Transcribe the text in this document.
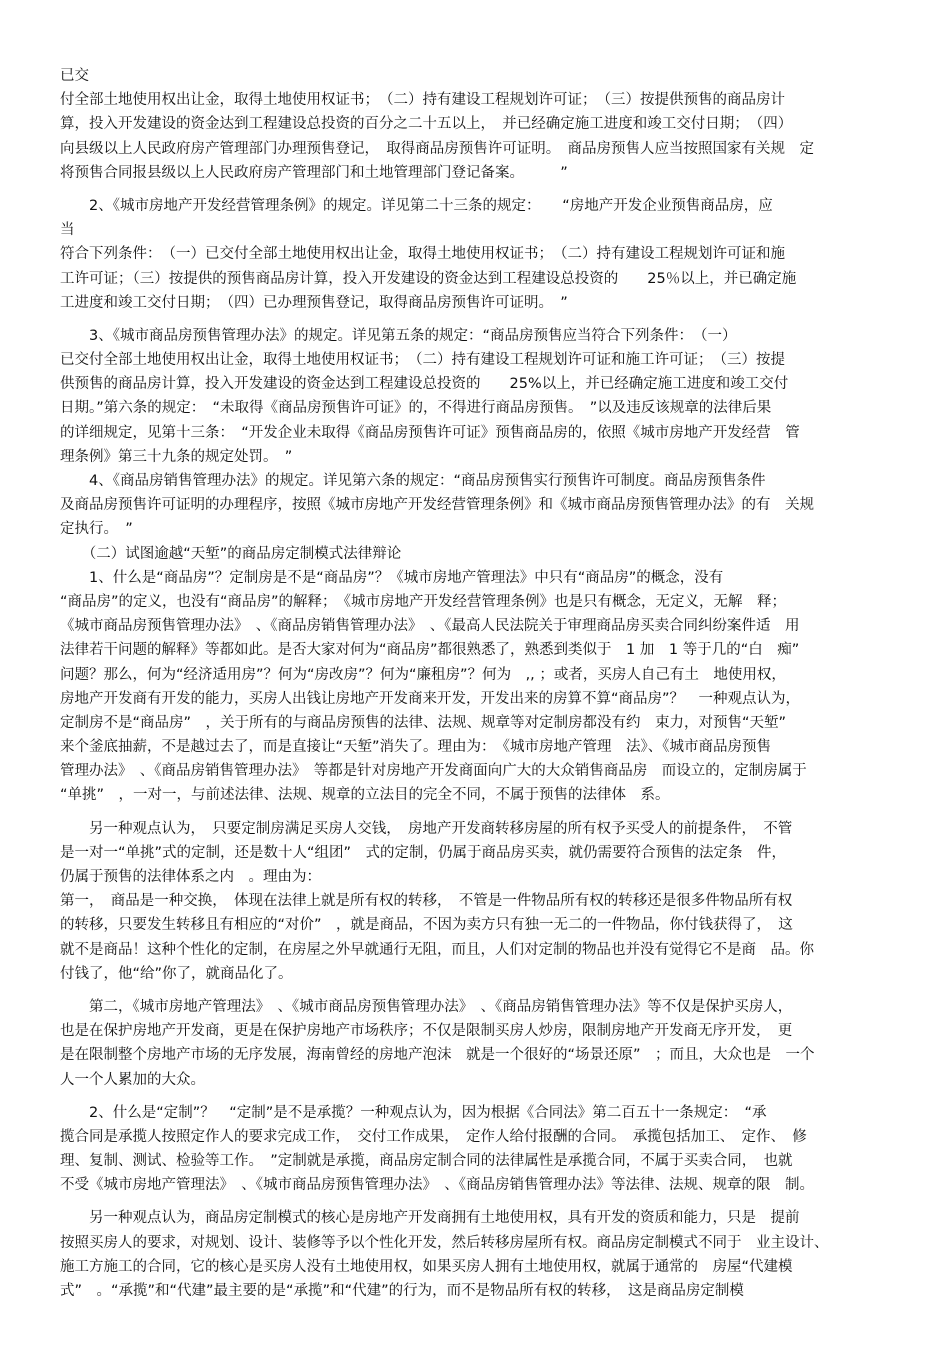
已交
付全部土地使用权出让金，取得土地使用权证书；　（二）持有建设工程规划许可证；　（三）按提供预售的商品房计
算，投入开发建设的资金达到工程建设总投资的百分之二十五以上，　并已经确定施工进度和竣工交付日期；　（四）
向县级以上人民政府房产管理部门办理预售登记，　取得商品房预售许可证明。　商品房预售人应当按照国家有关规　定
将预售合同报县级以上人民政府房产管理部门和土地管理部门登记备案。　　　”
　　2、《城市房地产开发经营管理条例》的规定。详见第二十三条的规定：　　“房地产开发企业预售商品房，应
当
符合下列条件：　（一）已交付全部土地使用权出让金，取得土地使用权证书；　（二）持有建设工程规划许可证和施
工许可证；（三）按提供的预售商品房计算，投入开发建设的资金达到工程建设总投资的　　25％以上，并已确定施
工进度和竣工交付日期；　（四）已办理预售登记，取得商品房预售许可证明。　”
　　3、《城市商品房预售管理办法》的规定。详见第五条的规定：“商品房预售应当符合下列条件：　（一）
已交付全部土地使用权出让金，取得土地使用权证书；　（二）持有建设工程规划许可证和施工许可证；　（三）按提
供预售的商品房计算，投入开发建设的资金达到工程建设总投资的　　25%以上，并已经确定施工进度和竣工交付
日期。”第六条的规定：　“未取得《商品房预售许可证》的，不得进行商品房预售。　”以及违反该规章的法律后果
的详细规定，见第十三条：　“开发企业未取得《商品房预售许可证》预售商品房的，依照《城市房地产开发经营　管
理条例》第三十九条的规定处罚。　”
　　4、《商品房销售管理办法》的规定。详见第六条的规定：“商品房预售实行预售许可制度。商品房预售条件
及商品房预售许可证明的办理程序，按照《城市房地产开发经营管理条例》和《城市商品房预售管理办法》的有　关规
定执行。　”
　　（二）试图逾越“天堑”的商品房定制模式法律辩论
　　1、什么是“商品房”？定制房是不是“商品房”？《城市房地产管理法》中只有“商品房”的概念，没有
“商品房”的定义，也没有“商品房”的解释；　《城市房地产开发经营管理条例》也是只有概念，无定义，无解　释；
《城市商品房预售管理办法》　、《商品房销售管理办法》　、《最高人民法院关于审理商品房买卖合同纠纷案件适　用
法律若干问题的解释》等都如此。是否大家对何为“商品房”都很熟悉了，熟悉到类似于　1 加　1 等于几的“白　痴”
问题？那么，何为“经济适用房”？何为“房改房”？何为“廉租房”？何为　,, ；或者，买房人自己有土　地使用权，
房地产开发商有开发的能力，买房人出钱让房地产开发商来开发，开发出来的房算不算“商品房”？　一种观点认为，
定制房不是“商品房”　，关于所有的与商品房预售的法律、法规、规章等对定制房都没有约　束力，对预售“天堑”
来个釜底抽薪，不是越过去了，而是直接让“天堑”消失了。理由为：　《城市房地产管理　法》、《城市商品房预售
管理办法》　、《商品房销售管理办法》　等都是针对房地产开发商面向广大的大众销售商品房　而设立的，定制房属于
“单挑”　，一对一，与前述法律、法规、规章的立法目的完全不同，不属于预售的法律体　系。
　　另一种观点认为，　只要定制房满足买房人交钱，　房地产开发商转移房屋的所有权予买受人的前提条件，　不管
是一对一“单挑”式的定制，还是数十人“组团”　式的定制，仍属于商品房买卖，就仍需要符合预售的法定条　件，
仍属于预售的法律体系之内　。理由为：
第一，　商品是一种交换，　体现在法律上就是所有权的转移，　不管是一件物品所有权的转移还是很多件物品所有权
的转移，只要发生转移且有相应的“对价”　，就是商品，不因为卖方只有独一无二的一件物品，你付钱获得了，　这
就不是商品！这种个性化的定制，在房屋之外早就通行无阻，而且，人们对定制的物品也并没有觉得它不是商　品。你
付钱了，他“给”你了，就商品化了。
　　第二，《城市房地产管理法》　、《城市商品房预售管理办法》　、《商品房销售管理办法》等不仅是保护买房人，
也是在保护房地产开发商，更是在保护房地产市场秩序；不仅是限制买房人炒房，限制房地产开发商无序开发，　更
是在限制整个房地产市场的无序发展，海南曾经的房地产泡沫　就是一个很好的“场景还原”　；而且，大众也是　一个
人一个人累加的大众。
　　2、什么是“定制”？　“定制”是不是承揽？一种观点认为，因为根据《合同法》第二百五十一条规定：　“承
揽合同是承揽人按照定作人的要求完成工作，　交付工作成果，　定作人给付报酬的合同。　承揽包括加工、　定作、　修
理、复制、测试、检验等工作。　”定制就是承揽，商品房定制合同的法律属性是承揽合同，不属于买卖合同，　也就
不受《城市房地产管理法》　、《城市商品房预售管理办法》　、《商品房销售管理办法》等法律、法规、规章的限　制。
　　另一种观点认为，商品房定制模式的核心是房地产开发商拥有土地使用权，具有开发的资质和能力，只是　提前
按照买房人的要求，对规划、设计、装修等予以个性化开发，然后转移房屋所有权。商品房定制模式不同于　业主设计、
施工方施工的合同，它的核心是买房人没有土地使用权，如果买房人拥有土地使用权，就属于通常的　房屋“代建模
式”　。“承揽”和“代建”最主要的是“承揽”和“代建”的行为，而不是物品所有权的转移，　这是商品房定制模
